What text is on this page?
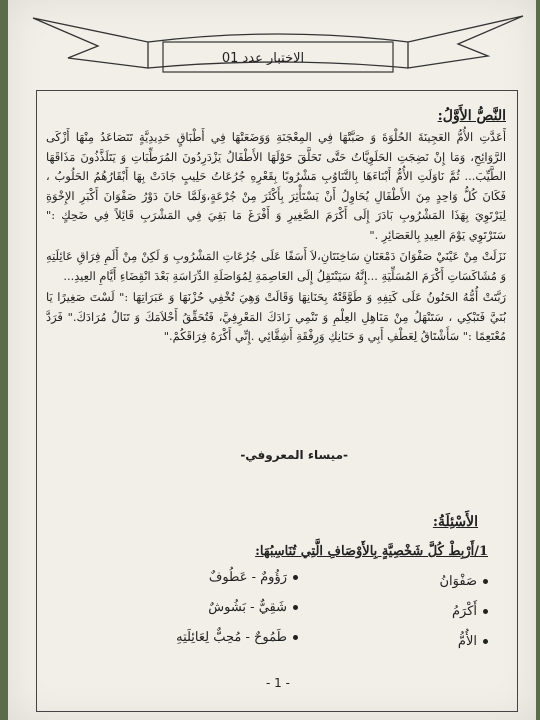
الاختبار عدد 01
النَّصُّ الأَوَّلُ:

أَعَدَّتِ الأُمُّ العَجِينَةَ الحُلْوَةَ وَ صَبَّتْهَا فِي المِعْجَنَةِ وَوَضَعَتْهَا فِي أَطْبَاقٍ حَدِيدِيَّةٍ تَتَصَاعَدُ مِنْهَا أَزْكَى الرَّوَائِحِ، وَمَا إِنْ نَضِجَتِ الحَلَوِيَّاتُ حَتَّى تَحَلَّقَ حَوْلَهَا الأَطْفَالُ يَزْدَرِدُونَ المُرَطِّبَاتِ وَ يَتَلَذَّذُونَ مَذَاقَهَا الطَّيِّبَ... ثُمَّ نَاوَلَتِ الأُمُّ أَبْنَاءَهَا بِالتَّنَاوُبِ مَشْرُوبًا بِقَعْرِهِ جُرُعَاتُ حَلِيبٍ جَادَتْ بِهَا أَبْقَارُهُمُ الحَلُوبُ ، فَكَانَ كُلُّ وَاحِدٍ مِنَ الأَطْفَالِ يُحَاوِلُ أَنْ يَسْتَأْثِرَ بِأَكْثَرَ مِنْ جُرْعَةٍ،وَلَمَّا حَانَ دَوْرُ صَفْوَانَ أَكْبَرِ الإِخْوَةِ لِيَرْتَوِيَ بِهَذَا المَشْرُوبِ بَادَرَ إِلَى أَكْرَمَ الصَّغِيرِ وَ أَفْرَغَ مَا بَقِيَ فِي المَشْرَبِ قَائِلاً فِي ضَحِكٍ :" سَتَرْتَوِي يَوْمَ العِيدِ بِالعَصَائِرِ ."

نَزَلَتْ مِنْ عَيْنَيْ صَفْوَانَ دَمْعَتَانِ سَاخِنَتَانِ،لاَ أَسَفًا عَلَى جُرُعَاتِ المَشْرُوبِ وَ لَكِنْ مِنْ أَلَمِ فِرَاقِ عَائِلَتِهِ وَ مُشَاكَسَاتِ أَكْرَمَ المُسَلِّيَةِ ...إِنَّهُ سَيَنْتَقِلُ إِلَى العَاصِمَةِ لِمُوَاصَلَةِ الدِّرَاسَةِ بَعْدَ انْقِضَاءِ أَيَّامِ العِيدِ...

رَبَّتَتْ أُمُّهُ الحَنُونُ عَلَى كَتِفِهِ وَ طَوَّقَتْهُ بِحَنَانِهَا وَقَالَتْ وَهِيَ تُخْفِي حُزْنَهَا وَ عَبَرَاتِهَا :" لَسْتَ صَغِيرًا يَا بُنَيَّ فَتَبْكِي ، سَتَنْهَلُ مِنْ مَنَاهِلِ العِلْمِ وَ تَنْمِي زَادَكَ المَعْرِفِيَّ، فَتُحَقِّقُ أَحْلاَمَكَ وَ تَنَالُ مُرَادَكَ." فَرَدَّ مُعْتَعِمًا :" سَأَشْتَاقُ لِعَطْفِ أَبِي وَ حَنَانِكِ وَرِفْقَةِ أَشِقَّائِي .إِنِّي أَكْرَهُ فِرَاقَكُمْ."

-ميساء المعروفي-
الأَسْئِلَةُ:
1/أَرْبِطْ كُلَّ شَخْصِيَّةٍ بِالأَوْصَافِ الَّتِي تُنَاسِبُهَا:
صَفْوَانُ
أَكْرَمُ
الأُمُّ
رَؤُومٌ - عَطُوفٌ
شَقِيٌّ - بَشُوشٌ
طَمُوحٌ - مُحِبٌّ لِعَائِلَتِهِ
- 1 -
